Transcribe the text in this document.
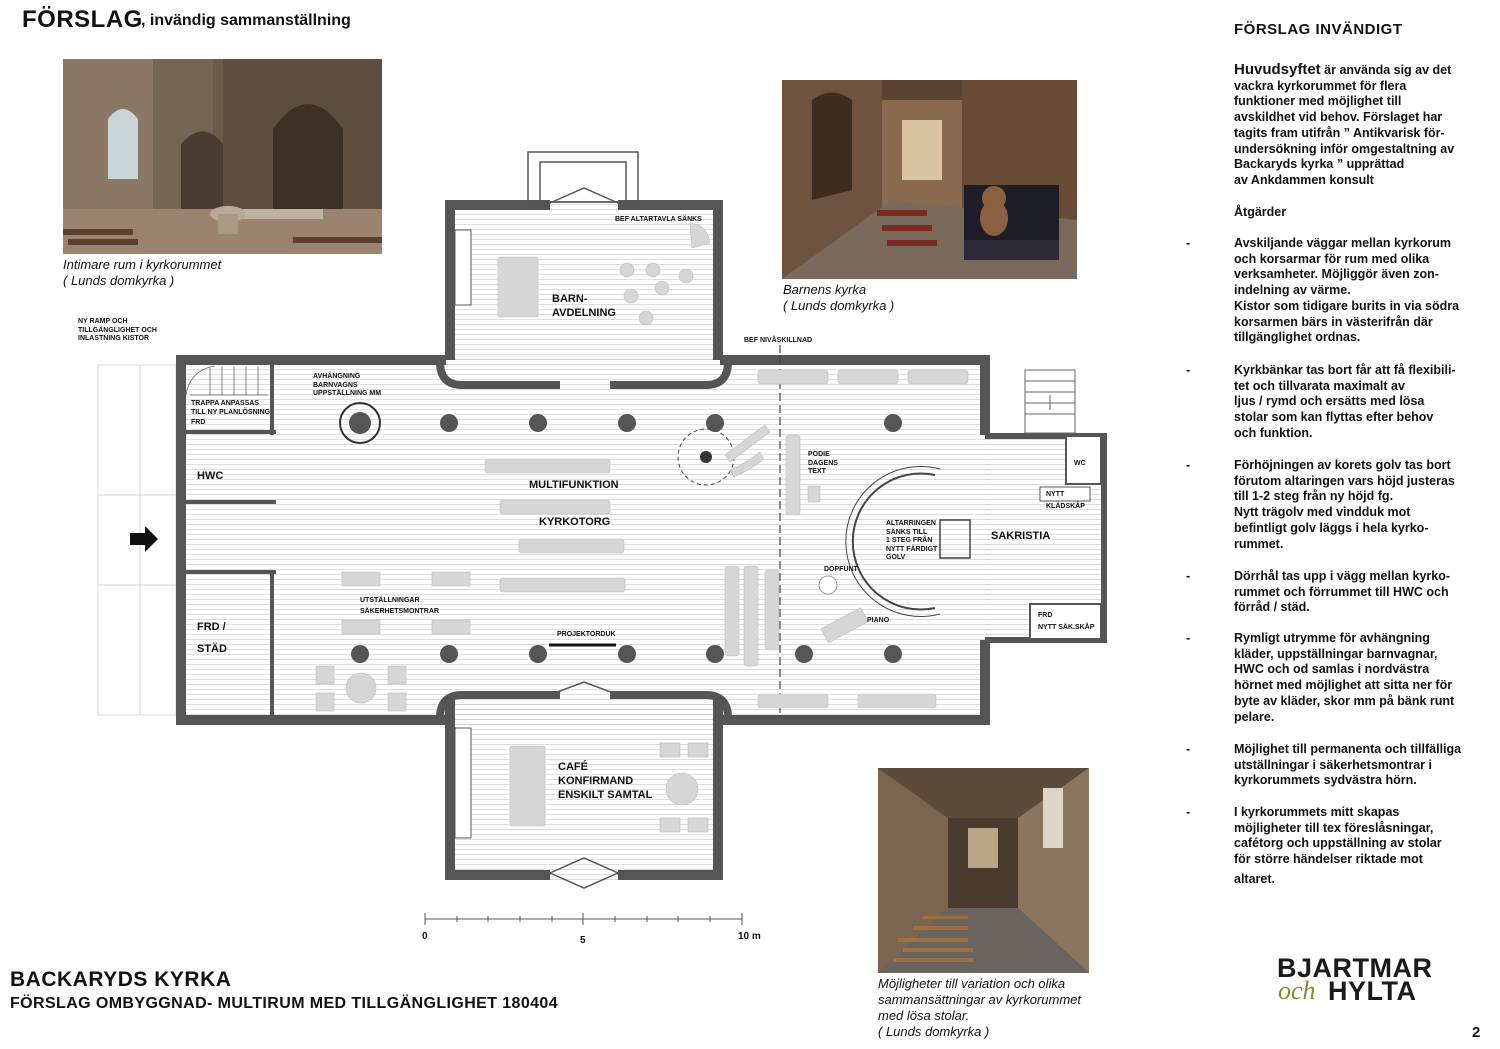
FÖRSLAG
, invändig sammanställning
Intimare rum i kyrkorummet
( Lunds domkyrka )
Barnens kyrka
( Lunds domkyrka )
Möjligheter till variation och olika
sammansättningar av kyrkorummet
med lösa stolar.
( Lunds domkyrka )
NY RAMP OCH
TILLGÄNGLIGHET OCH
INLASTNING KISTOR
TRAPPA ANPASSAS
TILL NY PLANLÖSNING
FRD
HWC
FRD /
STÄD
AVHÄNGNING
BARNVAGNS
UPPSTÄLLNING MM
BEF ALTARTAVLA SÄNKS
BARN-
AVDELNING
BEF NIVÅSKILLNAD
PODIE
DAGENS
TEXT
MULTIFUNKTION
KYRKOTORG	ALTARRINGEN
SÄNKS TILL
1 STEG FRÅN
NYTT FÄRDIGT
GOLV
SAKRISTIA
WC
NYTT
KLÄDSKÅP
FRD
NYTT SÄK.SKÅP
DOPFUNT
PIANO
UTSTÄLLNINGAR
SÄKERHETSMONTRAR
PROJEKTORDUK
CAFÉ
KONFIRMAND
ENSKILT SAMTAL
0	5	10 m
FÖRSLAG INVÄNDIGT
Huvudsyftet är använda sig av det
vackra kyrkorummet för flera
funktioner med möjlighet till
avskildhet vid behov. Förslaget har
tagits fram utifrån ” Antikvarisk för-
undersökning inför omgestaltning av
Backaryds kyrka ” upprättad
av Ankdammen konsult
Åtgärder
-	Avskiljande väggar mellan kyrkorum
och korsarmar för rum med olika
verksamheter. Möjliggör även zon-
indelning av värme.
Kistor som tidigare burits in via södra
korsarmen bärs in västerifrån där
tillgänglighet ordnas.
-	Kyrkbänkar tas bort får att få flexibili-
tet och tillvarata maximalt av
ljus / rymd och ersätts med lösa
stolar som kan flyttas efter behov
och funktion.
-	Förhöjningen av korets golv tas bort
förutom altaringen vars höjd justeras
till 1-2 steg från ny höjd fg.
Nytt trägolv med vindduk mot
befintligt golv läggs i hela kyrko-
rummet.
-	Dörrhål tas upp i vägg mellan kyrko-
rummet och förrummet till HWC och
förråd / städ.
-	Rymligt utrymme för avhängning
kläder, uppställningar barnvagnar,
HWC och od samlas i nordvästra
hörnet med möjlighet att sitta ner för
byte av kläder, skor mm på bänk runt
pelare.
-	Möjlighet till permanenta och tillfälliga
utställningar i säkerhetsmontrar i
kyrkorummets sydvästra hörn.
-	I kyrkorummets mitt skapas
möjligheter till tex föreslåsningar,
cafétorg och uppställning av stolar
för större händelser riktade mot
altaret.
BACKARYDS KYRKA
FÖRSLAG OMBYGGNAD- MULTIRUM MED TILLGÄNGLIGHET 180404
BJARTMAR
och HYLTA
2
